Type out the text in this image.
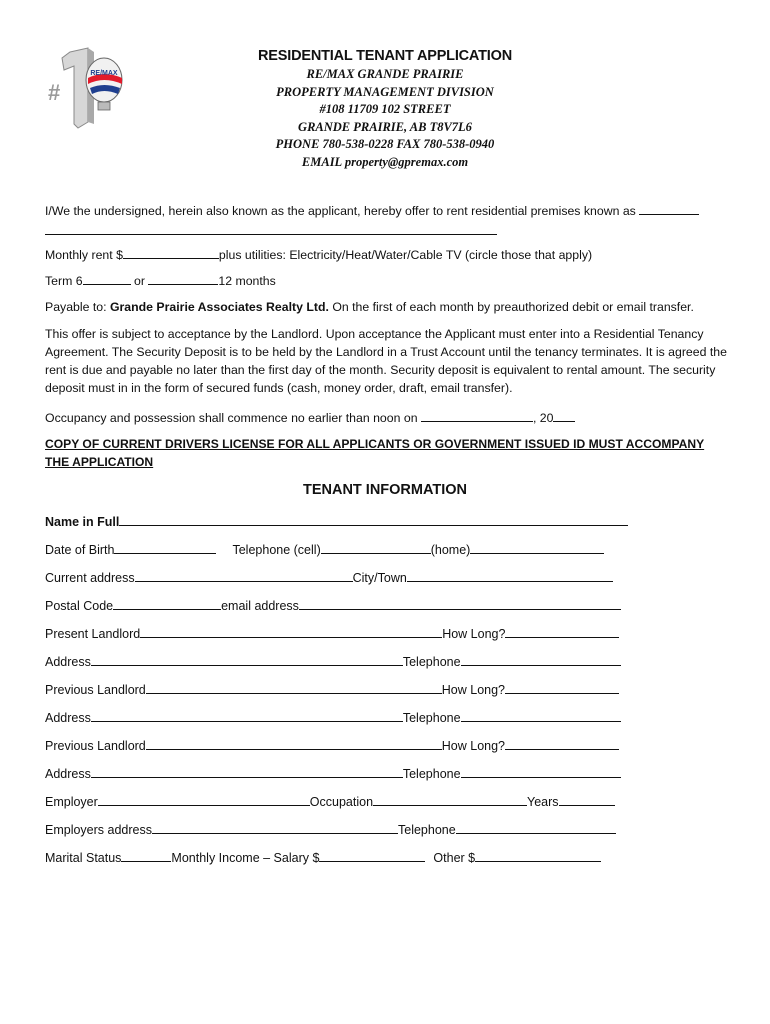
#
RE/MAX
RESIDENTIAL TENANT APPLICATION
RE/MAX GRANDE PRAIRIE
PROPERTY MANAGEMENT DIVISION
#108 11709 102 STREET
GRANDE PRAIRIE, AB T8V7L6
PHONE 780-538-0228 FAX 780-538-0940
EMAIL property@gpremax.com
I/We the undersigned, herein also known as the applicant, hereby offer to rent residential premises known as
Monthly rent $	plus utilities: Electricity/Heat/Water/Cable TV (circle those that apply)
Term 6	or	12 months
Payable to: Grande Prairie Associates Realty Ltd. On the first of each month by preauthorized debit or email transfer.

This offer is subject to acceptance by the Landlord. Upon acceptance the Applicant must enter into a Residential Tenancy Agreement. The Security Deposit is to be held by the Landlord in a Trust Account until the tenancy terminates. It is agreed the rent is due and payable no later than the first day of the month. Security deposit is equivalent to rental amount. The security deposit must in in the form of secured funds (cash, money order, draft, email transfer).

Occupancy and possession shall commence no earlier than noon on	, 20

COPY OF CURRENT DRIVERS LICENSE FOR ALL APPLICANTS OR GOVERNMENT ISSUED ID MUST ACCOMPANY THE APPLICATION

TENANT INFORMATION
Name in Full
Date of Birth	Telephone (cell)	(home)
Current address	City/Town
Postal Code	email address
Present Landlord	How Long?
Address	Telephone
Previous Landlord	How Long?
Address	Telephone
Previous Landlord	How Long?
Address	Telephone
Employer	Occupation	Years
Employers address	Telephone
Marital Status	Monthly Income – Salary $	Other $
